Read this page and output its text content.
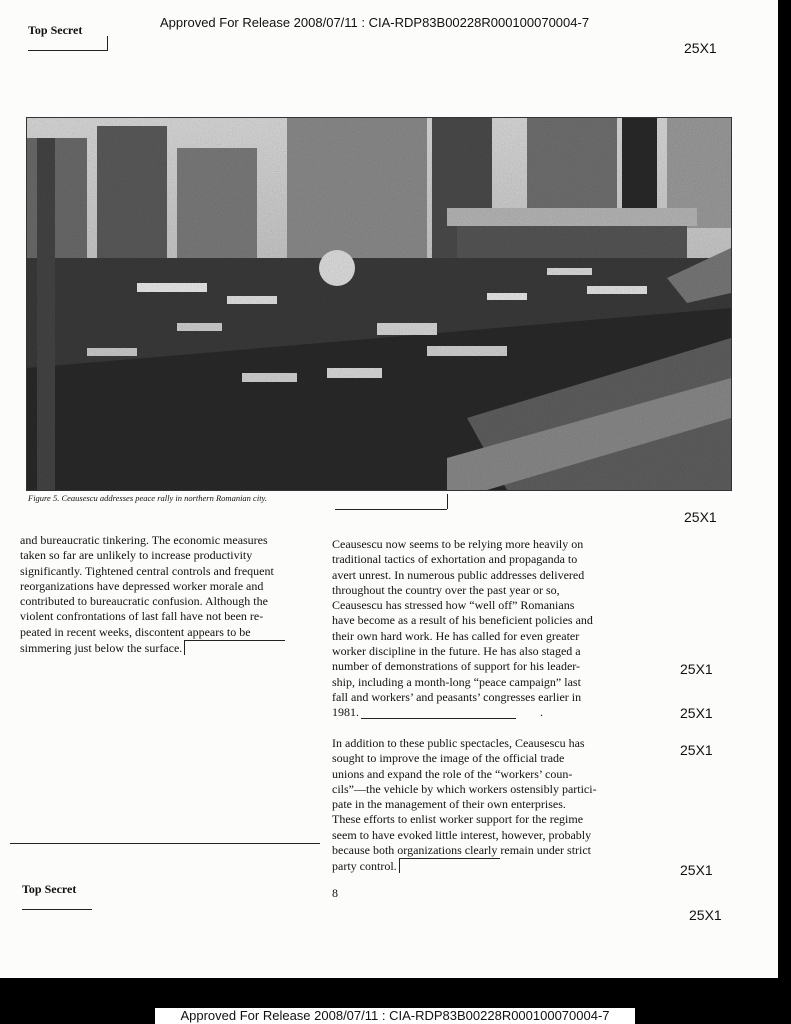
Top Secret	Approved For Release 2008/07/11 : CIA-RDP83B00228R000100070004-7
25X1
Figure 5. Ceausescu addresses peace rally in northern Romanian city.
25X1
and bureaucratic tinkering. The economic measures
taken so far are unlikely to increase productivity
significantly. Tightened central controls and frequent
reorganizations have depressed worker morale and
contributed to bureaucratic confusion. Although the
violent confrontations of last fall have not been re-
peated in recent weeks, discontent appears to be
simmering just below the surface.
Ceausescu now seems to be relying more heavily on
traditional tactics of exhortation and propaganda to
avert unrest. In numerous public addresses delivered
throughout the country over the past year or so,
Ceausescu has stressed how “well off” Romanians
have become as a result of his beneficient policies and
their own hard work. He has called for even greater
worker discipline in the future. He has also staged a
number of demonstrations of support for his leader-
ship, including a month-long “peace campaign” last
fall and workers’ and peasants’ congresses earlier in
1981.	.
In addition to these public spectacles, Ceausescu has
sought to improve the image of the official trade
unions and expand the role of the “workers’ coun-
cils”—the vehicle by which workers ostensibly partici-
pate in the management of their own enterprises.
These efforts to enlist worker support for the regime
seem to have evoked little interest, however, probably
because both organizations clearly remain under strict
party control.
25X1
25X1
25X1
25X1
25X1
Top Secret	8
Approved For Release 2008/07/11 : CIA-RDP83B00228R000100070004-7
